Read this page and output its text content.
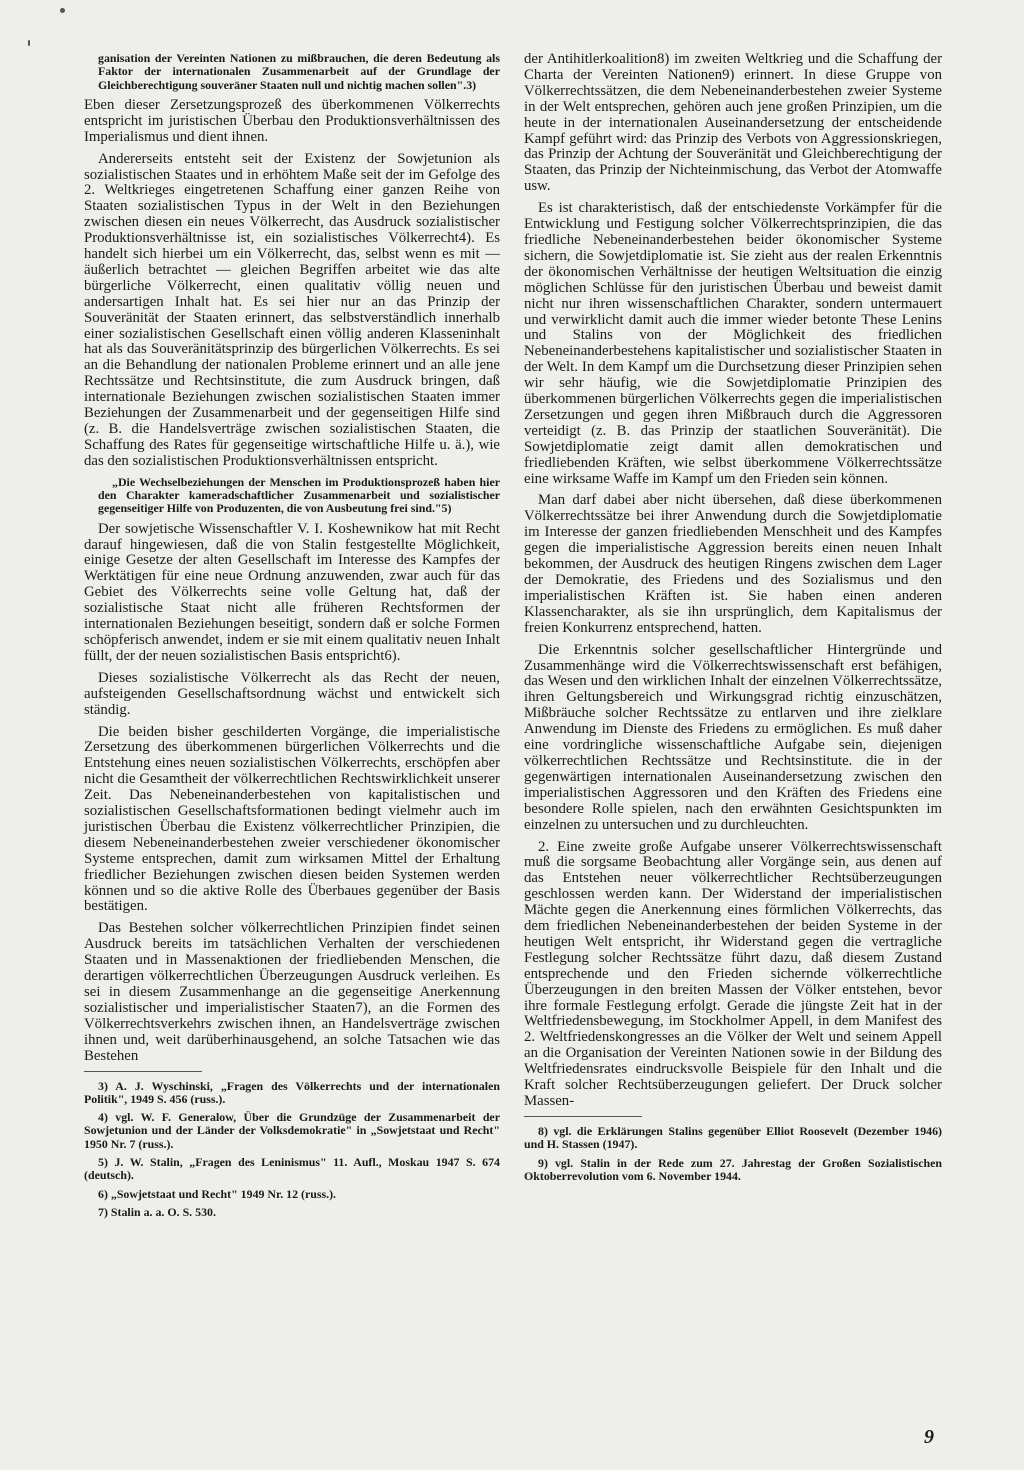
ganisation der Vereinten Nationen zu mißbrauchen, die deren Bedeutung als Faktor der internationalen Zusammenarbeit auf der Grundlage der Gleichberechtigung souveräner Staaten null und nichtig machen sollen".3)

Eben dieser Zersetzungsprozeß des überkommenen Völkerrechts entspricht im juristischen Überbau den Produktionsverhältnissen des Imperialismus und dient ihnen.

Andererseits entsteht seit der Existenz der Sowjetunion als sozialistischen Staates und in erhöhtem Maße seit der im Gefolge des 2. Weltkrieges eingetretenen Schaffung einer ganzen Reihe von Staaten sozialistischen Typus in der Welt in den Beziehungen zwischen diesen ein neues Völkerrecht, das Ausdruck sozialistischer Produktionsverhältnisse ist, ein sozialistisches Völkerrecht4). Es handelt sich hierbei um ein Völkerrecht, das, selbst wenn es mit — äußerlich betrachtet — gleichen Begriffen arbeitet wie das alte bürgerliche Völkerrecht, einen qualitativ völlig neuen und andersartigen Inhalt hat. Es sei hier nur an das Prinzip der Souveränität der Staaten erinnert, das selbstverständlich innerhalb einer sozialistischen Gesellschaft einen völlig anderen Klasseninhalt hat als das Souveränitätsprinzip des bürgerlichen Völkerrechts. Es sei an die Behandlung der nationalen Probleme erinnert und an alle jene Rechtssätze und Rechtsinstitute, die zum Ausdruck bringen, daß internationale Beziehungen zwischen sozialistischen Staaten immer Beziehungen der Zusammenarbeit und der gegenseitigen Hilfe sind (z. B. die Handelsverträge zwischen sozialistischen Staaten, die Schaffung des Rates für gegenseitige wirtschaftliche Hilfe u. ä.), wie das den sozialistischen Produktionsverhältnissen entspricht.

„Die Wechselbeziehungen der Menschen im Produktionsprozeß haben hier den Charakter kameradschaftlicher Zusammenarbeit und sozialistischer gegenseitiger Hilfe von Produzenten, die von Ausbeutung frei sind."5)

Der sowjetische Wissenschaftler V. I. Koshewnikow hat mit Recht darauf hingewiesen, daß die von Stalin festgestellte Möglichkeit, einige Gesetze der alten Gesellschaft im Interesse des Kampfes der Werktätigen für eine neue Ordnung anzuwenden, zwar auch für das Gebiet des Völkerrechts seine volle Geltung hat, daß der sozialistische Staat nicht alle früheren Rechtsformen der internationalen Beziehungen beseitigt, sondern daß er solche Formen schöpferisch anwendet, indem er sie mit einem qualitativ neuen Inhalt füllt, der der neuen sozialistischen Basis entspricht6).

Dieses sozialistische Völkerrecht als das Recht der neuen, aufsteigenden Gesellschaftsordnung wächst und entwickelt sich ständig.

Die beiden bisher geschilderten Vorgänge, die imperialistische Zersetzung des überkommenen bürgerlichen Völkerrechts und die Entstehung eines neuen sozialistischen Völkerrechts, erschöpfen aber nicht die Gesamtheit der völkerrechtlichen Rechtswirklichkeit unserer Zeit. Das Nebeneinanderbestehen von kapitalistischen und sozialistischen Gesellschaftsformationen bedingt vielmehr auch im juristischen Überbau die Existenz völkerrechtlicher Prinzipien, die diesem Nebeneinanderbestehen zweier verschiedener ökonomischer Systeme entsprechen, damit zum wirksamen Mittel der Erhaltung friedlicher Beziehungen zwischen diesen beiden Systemen werden können und so die aktive Rolle des Überbaues gegenüber der Basis bestätigen.

Das Bestehen solcher völkerrechtlichen Prinzipien findet seinen Ausdruck bereits im tatsächlichen Verhalten der verschiedenen Staaten und in Massenaktionen der friedliebenden Menschen, die derartigen völkerrechtlichen Überzeugungen Ausdruck verleihen. Es sei in diesem Zusammenhange an die gegenseitige Anerkennung sozialistischer und imperialistischer Staaten7), an die Formen des Völkerrechtsverkehrs zwischen ihnen, an Handelsverträge zwischen ihnen und, weit darüberhinausgehend, an solche Tatsachen wie das Bestehen

3) A. J. Wyschinski, „Fragen des Völkerrechts und der internationalen Politik", 1949 S. 456 (russ.).

4) vgl. W. F. Generalow, Über die Grundzüge der Zusammenarbeit der Sowjetunion und der Länder der Volksdemokratie" in „Sowjetstaat und Recht" 1950 Nr. 7 (russ.).

5) J. W. Stalin, „Fragen des Leninismus" 11. Aufl., Moskau 1947 S. 674 (deutsch).

6) „Sowjetstaat und Recht" 1949 Nr. 12 (russ.).

7) Stalin a. a. O. S. 530.

der Antihitlerkoalition8) im zweiten Weltkrieg und die Schaffung der Charta der Vereinten Nationen9) erinnert. In diese Gruppe von Völkerrechtssätzen, die dem Nebeneinanderbestehen zweier Systeme in der Welt entsprechen, gehören auch jene großen Prinzipien, um die heute in der internationalen Auseinandersetzung der entscheidende Kampf geführt wird: das Prinzip des Verbots von Aggressionskriegen, das Prinzip der Achtung der Souveränität und Gleichberechtigung der Staaten, das Prinzip der Nichteinmischung, das Verbot der Atomwaffe usw.

Es ist charakteristisch, daß der entschiedenste Vorkämpfer für die Entwicklung und Festigung solcher Völkerrechtsprinzipien, die das friedliche Nebeneinanderbestehen beider ökonomischer Systeme sichern, die Sowjetdiplomatie ist. Sie zieht aus der realen Erkenntnis der ökonomischen Verhältnisse der heutigen Weltsituation die einzig möglichen Schlüsse für den juristischen Überbau und beweist damit nicht nur ihren wissenschaftlichen Charakter, sondern untermauert und verwirklicht damit auch die immer wieder betonte These Lenins und Stalins von der Möglichkeit des friedlichen Nebeneinanderbestehens kapitalistischer und sozialistischer Staaten in der Welt. In dem Kampf um die Durchsetzung dieser Prinzipien sehen wir sehr häufig, wie die Sowjetdiplomatie Prinzipien des überkommenen bürgerlichen Völkerrechts gegen die imperialistischen Zersetzungen und gegen ihren Mißbrauch durch die Aggressoren verteidigt (z. B. das Prinzip der staatlichen Souveränität). Die Sowjetdiplomatie zeigt damit allen demokratischen und friedliebenden Kräften, wie selbst überkommene Völkerrechtssätze eine wirksame Waffe im Kampf um den Frieden sein können.

Man darf dabei aber nicht übersehen, daß diese überkommenen Völkerrechtssätze bei ihrer Anwendung durch die Sowjetdiplomatie im Interesse der ganzen friedliebenden Menschheit und des Kampfes gegen die imperialistische Aggression bereits einen neuen Inhalt bekommen, der Ausdruck des heutigen Ringens zwischen dem Lager der Demokratie, des Friedens und des Sozialismus und den imperialistischen Kräften ist. Sie haben einen anderen Klassencharakter, als sie ihn ursprünglich, dem Kapitalismus der freien Konkurrenz entsprechend, hatten.

Die Erkenntnis solcher gesellschaftlicher Hintergründe und Zusammenhänge wird die Völkerrechtswissenschaft erst befähigen, das Wesen und den wirklichen Inhalt der einzelnen Völkerrechtssätze, ihren Geltungsbereich und Wirkungsgrad richtig einzuschätzen, Mißbräuche solcher Rechtssätze zu entlarven und ihre zielklare Anwendung im Dienste des Friedens zu ermöglichen. Es muß daher eine vordringliche wissenschaftliche Aufgabe sein, diejenigen völkerrechtlichen Rechtssätze und Rechtsinstitute. die in der gegenwärtigen internationalen Auseinandersetzung zwischen den imperialistischen Aggressoren und den Kräften des Friedens eine besondere Rolle spielen, nach den erwähnten Gesichtspunkten im einzelnen zu untersuchen und zu durchleuchten.

2. Eine zweite große Aufgabe unserer Völkerrechtswissenschaft muß die sorgsame Beobachtung aller Vorgänge sein, aus denen auf das Entstehen neuer völkerrechtlicher Rechtsüberzeugungen geschlossen werden kann. Der Widerstand der imperialistischen Mächte gegen die Anerkennung eines förmlichen Völkerrechts, das dem friedlichen Nebeneinanderbestehen der beiden Systeme in der heutigen Welt entspricht, ihr Widerstand gegen die vertragliche Festlegung solcher Rechtssätze führt dazu, daß diesem Zustand entsprechende und den Frieden sichernde völkerrechtliche Überzeugungen in den breiten Massen der Völker entstehen, bevor ihre formale Festlegung erfolgt. Gerade die jüngste Zeit hat in der Weltfriedensbewegung, im Stockholmer Appell, in dem Manifest des 2. Weltfriedenskongresses an die Völker der Welt und seinem Appell an die Organisation der Vereinten Nationen sowie in der Bildung des Weltfriedensrates eindrucksvolle Beispiele für den Inhalt und die Kraft solcher Rechtsüberzeugungen geliefert. Der Druck solcher Massen-

8) vgl. die Erklärungen Stalins gegenüber Elliot Roosevelt (Dezember 1946) und H. Stassen (1947).

9) vgl. Stalin in der Rede zum 27. Jahrestag der Großen Sozialistischen Oktoberrevolution vom 6. November 1944.

9
